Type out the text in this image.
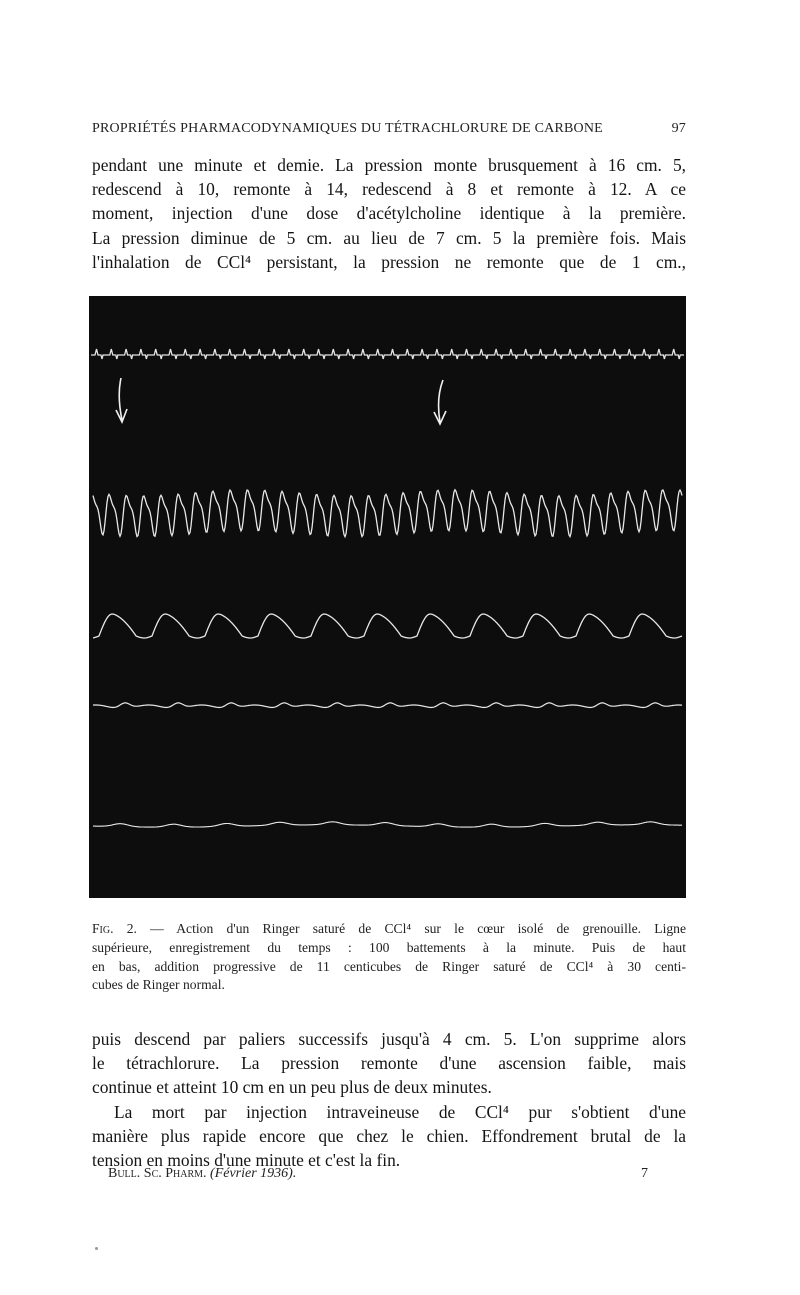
PROPRIÉTÉS PHARMACODYNAMIQUES DU TÉTRACHLORURE DE CARBONE	97
pendant une minute et demie. La pression monte brusquement à 16 cm. 5,
redescend à 10, remonte à 14, redescend à 8 et remonte à 12. A ce
moment, injection d'une dose d'acétylcholine identique à la première.
La pression diminue de 5 cm. au lieu de 7 cm. 5 la première fois. Mais
l'inhalation de CCl⁴ persistant, la pression ne remonte que de 1 cm.,
Fig. 2. — Action d'un Ringer saturé de CCl⁴ sur le cœur isolé de grenouille. Ligne
supérieure, enregistrement du temps : 100 battements à la minute. Puis de haut
en bas, addition progressive de 11 centicubes de Ringer saturé de CCl⁴ à 30 centi-
cubes de Ringer normal.
puis descend par paliers successifs jusqu'à 4 cm. 5. L'on supprime alors
le tétrachlorure. La pression remonte d'une ascension faible, mais
continue et atteint 10 cm en un peu plus de deux minutes.
La mort par injection intraveineuse de CCl⁴ pur s'obtient d'une
manière plus rapide encore que chez le chien. Effondrement brutal de la
tension en moins d'une minute et c'est la fin.
Bull. Sc. Pharm. (Février 1936).	7
